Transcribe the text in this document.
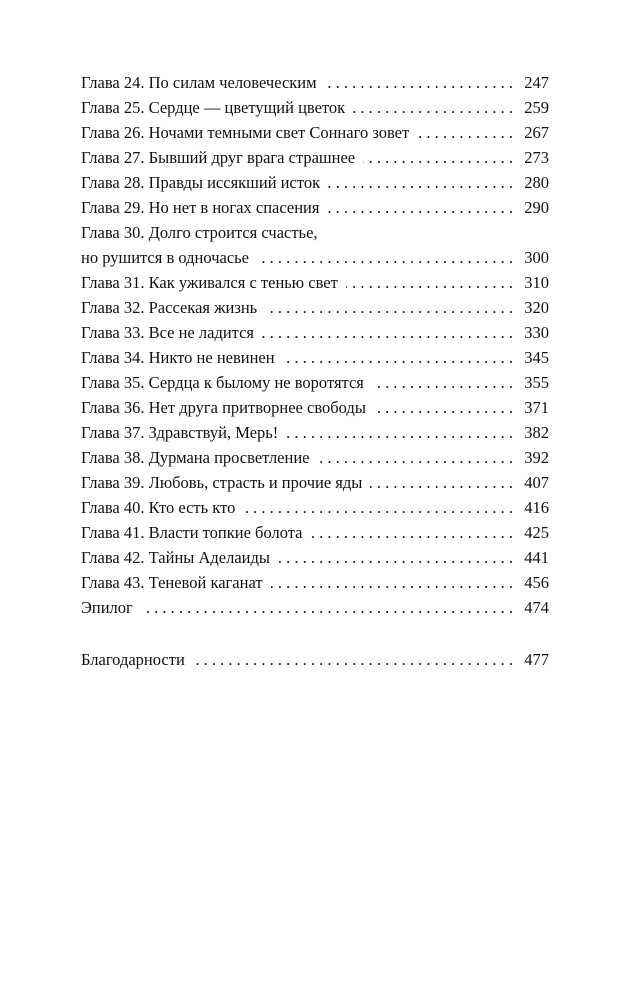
Глава 24. По силам человеческим . . .	247
Глава 25. Сердце — цветущий цветок . . .	259
Глава 26. Ночами темными свет Соннаго зовет . . .	267
Глава 27. Бывший друг врага страшнее . . .	273
Глава 28. Правды иссякший исток . . .	280
Глава 29. Но нет в ногах спасения . . .	290
Глава 30. Долго строится счастье,
но рушится в одночасье . . .	300
Глава 31. Как уживался с тенью свет . . .	310
Глава 32. Рассекая жизнь . . .	320
Глава 33. Все не ладится . . .	330
Глава 34. Никто не невинен . . .	345
Глава 35. Сердца к былому не воротятся . . .	355
Глава 36. Нет друга притворнее свободы . . .	371
Глава 37. Здравствуй, Мерь! . . .	382
Глава 38. Дурмана просветление . . .	392
Глава 39. Любовь, страсть и прочие яды . . .	407
Глава 40. Кто есть кто . . .	416
Глава 41. Власти топкие болота . . .	425
Глава 42. Тайны Аделаиды . . .	441
Глава 43. Теневой каганат . . .	456
Эпилог . . .	474
Благодарности . . .	477
